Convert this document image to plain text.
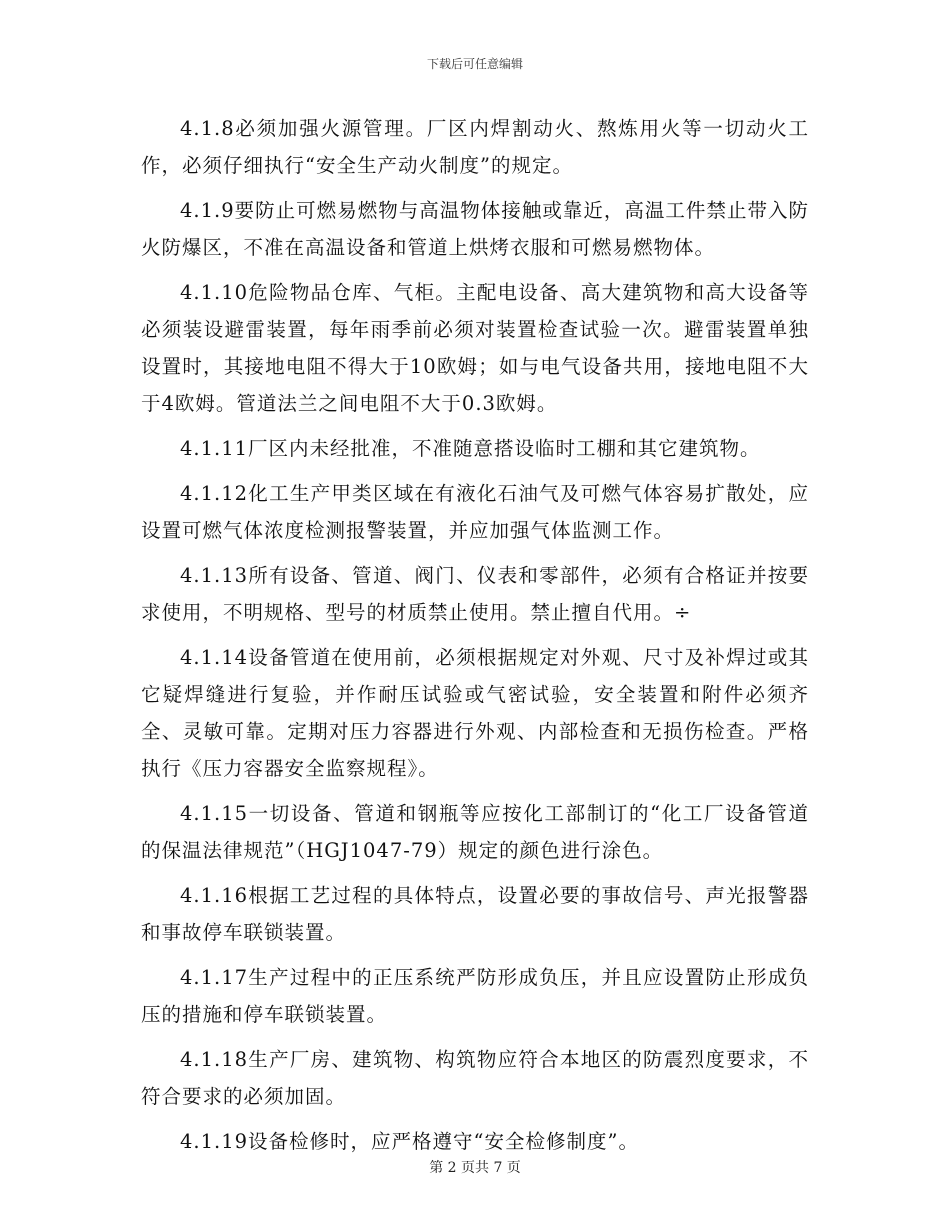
下载后可任意编辑

4.1.8必须加强火源管理。厂区内焊割动火、熬炼用火等一切动火工作，必须仔细执行“安全生产动火制度”的规定。

4.1.9要防止可燃易燃物与高温物体接触或靠近，高温工件禁止带入防火防爆区，不准在高温设备和管道上烘烤衣服和可燃易燃物体。

4.1.10危险物品仓库、气柜。主配电设备、高大建筑物和高大设备等必须装设避雷装置，每年雨季前必须对装置检查试验一次。避雷装置单独设置时，其接地电阻不得大于10欧姆；如与电气设备共用，接地电阻不大于4欧姆。管道法兰之间电阻不大于0.3欧姆。

4.1.11厂区内未经批准，不准随意搭设临时工棚和其它建筑物。

4.1.12化工生产甲类区域在有液化石油气及可燃气体容易扩散处，应设置可燃气体浓度检测报警装置，并应加强气体监测工作。

4.1.13所有设备、管道、阀门、仪表和零部件，必须有合格证并按要求使用，不明规格、型号的材质禁止使用。禁止擅自代用。÷

4.1.14设备管道在使用前，必须根据规定对外观、尺寸及补焊过或其它疑焊缝进行复验，并作耐压试验或气密试验，安全装置和附件必须齐全、灵敏可靠。定期对压力容器进行外观、内部检查和无损伤检查。严格执行《压力容器安全监察规程》。

4.1.15一切设备、管道和钢瓶等应按化工部制订的“化工厂设备管道的保温法律规范”（HGJ1047-79）规定的颜色进行涂色。

4.1.16根据工艺过程的具体特点，设置必要的事故信号、声光报警器和事故停车联锁装置。

4.1.17生产过程中的正压系统严防形成负压，并且应设置防止形成负压的措施和停车联锁装置。

4.1.18生产厂房、建筑物、构筑物应符合本地区的防震烈度要求，不符合要求的必须加固。

4.1.19设备检修时，应严格遵守“安全检修制度”。

第 2 页共 7 页
